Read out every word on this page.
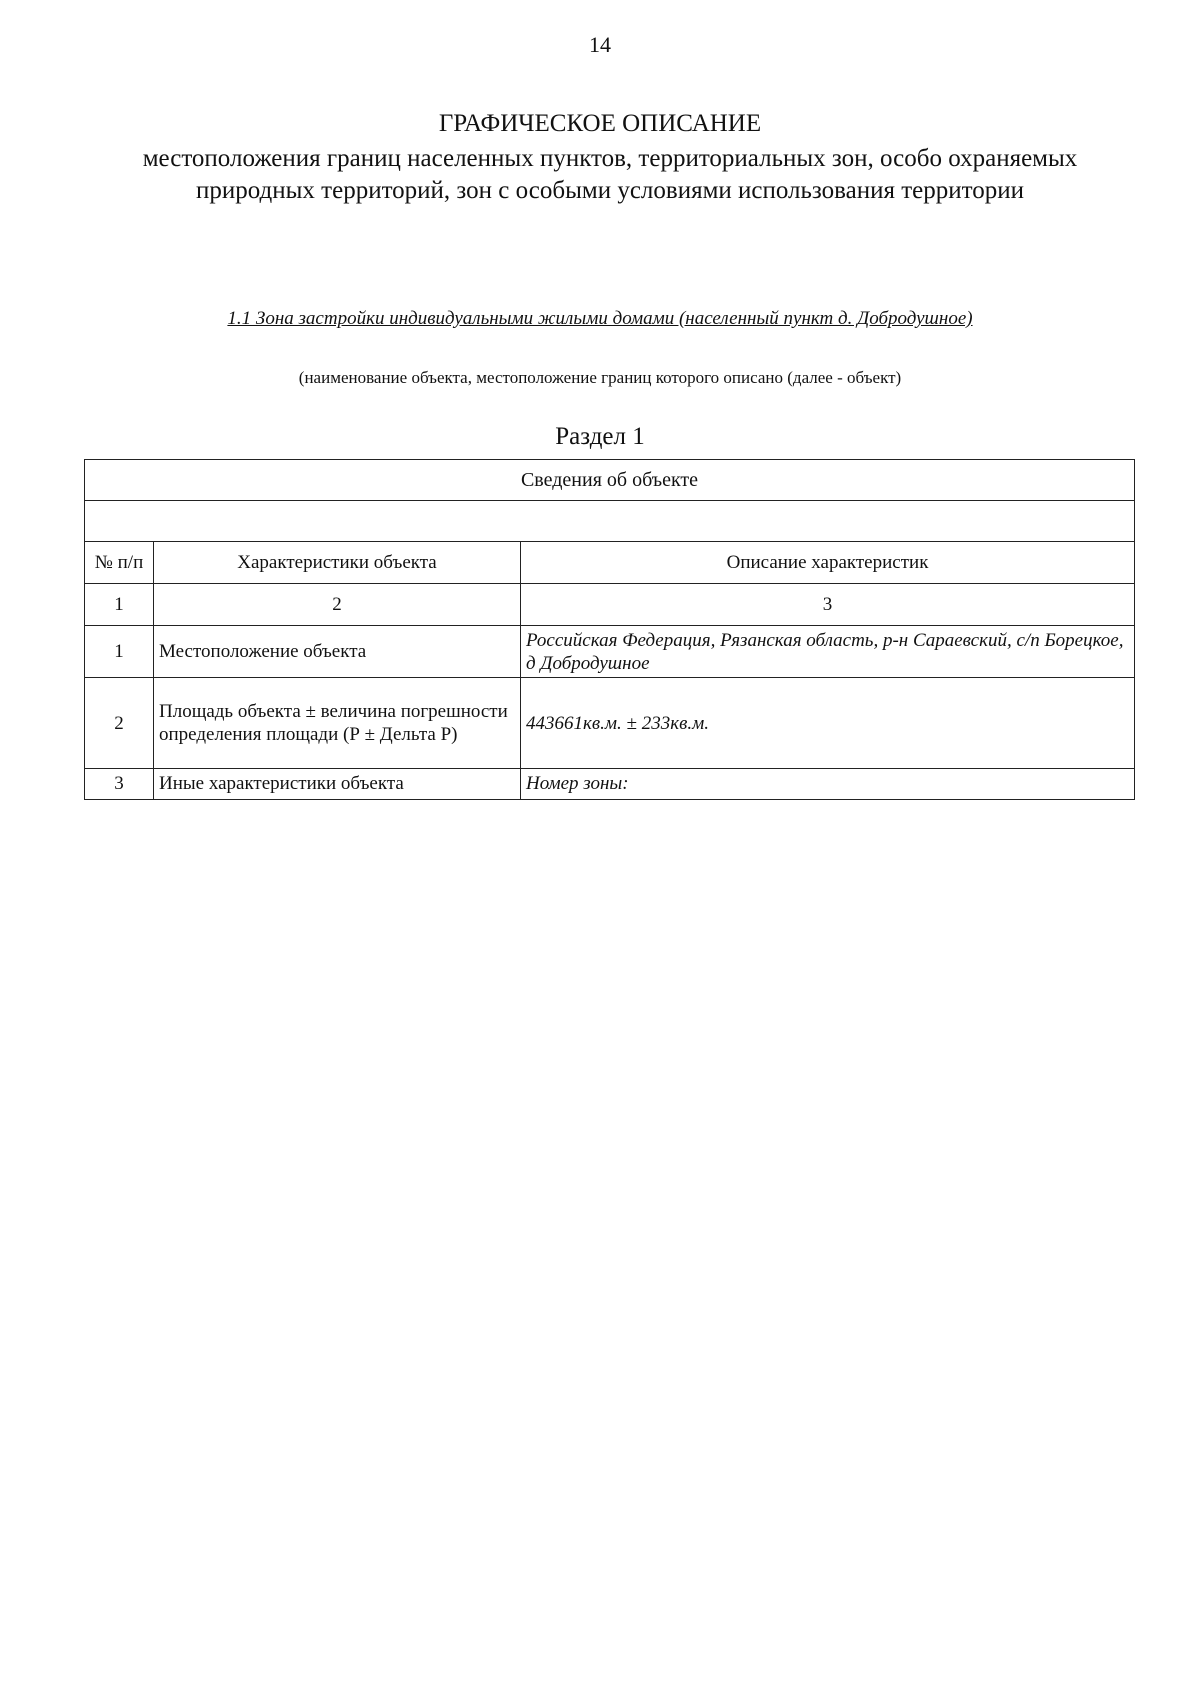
14
ГРАФИЧЕСКОЕ ОПИСАНИЕ
местоположения границ населенных пунктов, территориальных зон, особо охраняемых природных территорий, зон с особыми условиями использования территории
1.1 Зона застройки индивидуальными жилыми домами (населенный пункт д. Добродушное)
(наименование объекта, местоположение границ которого описано (далее - объект)
Раздел 1
Сведения об объекте		

№ п/п	Характеристики объекта	Описание характеристик
1	2	3
1	Местоположение объекта	Российская Федерация, Рязанская область, р-н Сараевский, с/п Борецкое, д Добродушное
2	Площадь объекта ± величина погрешности определения площади (Р ± Дельта Р)	443661кв.м. ± 233кв.м.
3	Иные характеристики объекта	Номер зоны:
